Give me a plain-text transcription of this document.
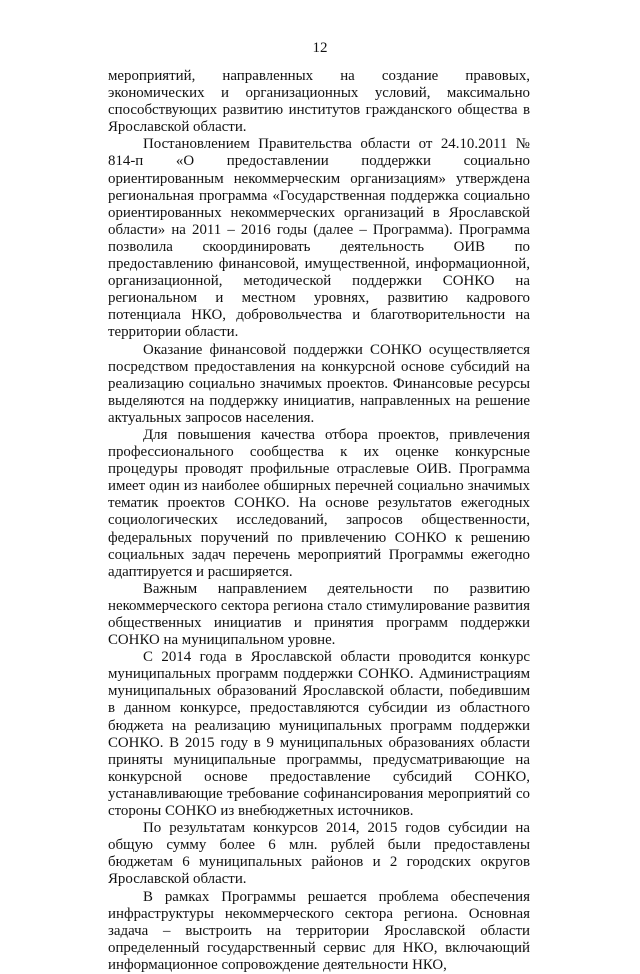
12

мероприятий, направленных на создание правовых, экономических и организационных условий, максимально способствующих развитию институтов гражданского общества в Ярославской области.

Постановлением Правительства области от 24.10.2011 № 814-п «О предоставлении поддержки социально ориентированным некоммерческим организациям» утверждена региональная программа «Государственная поддержка социально ориентированных некоммерческих организаций в Ярославской области» на 2011 – 2016 годы (далее – Программа). Программа позволила скоординировать деятельность ОИВ по предоставлению финансовой, имущественной, информационной, организационной, методической поддержки СОНКО на региональном и местном уровнях, развитию кадрового потенциала НКО, добровольчества и благотворительности на территории области.

Оказание финансовой поддержки СОНКО осуществляется посредством предоставления на конкурсной основе субсидий на реализацию социально значимых проектов. Финансовые ресурсы выделяются на поддержку инициатив, направленных на решение актуальных запросов населения.

Для повышения качества отбора проектов, привлечения профессионального сообщества к их оценке конкурсные процедуры проводят профильные отраслевые ОИВ. Программа имеет один из наиболее обширных перечней социально значимых тематик проектов СОНКО. На основе результатов ежегодных социологических исследований, запросов общественности, федеральных поручений по привлечению СОНКО к решению социальных задач перечень мероприятий Программы ежегодно адаптируется и расширяется.

Важным направлением деятельности по развитию некоммерческого сектора региона стало стимулирование развития общественных инициатив и принятия программ поддержки СОНКО на муниципальном уровне.

С 2014 года в Ярославской области проводится конкурс муниципальных программ поддержки СОНКО. Администрациям муниципальных образований Ярославской области, победившим в данном конкурсе, предоставляются субсидии из областного бюджета на реализацию муниципальных программ поддержки СОНКО. В 2015 году в 9 муниципальных образованиях области приняты муниципальные программы, предусматривающие на конкурсной основе предоставление субсидий СОНКО, устанавливающие требование софинансирования мероприятий со стороны СОНКО из внебюджетных источников.

По результатам конкурсов 2014, 2015 годов субсидии на общую сумму более 6 млн. рублей были предоставлены бюджетам 6 муниципальных районов и 2 городских округов Ярославской области.

В рамках Программы решается проблема обеспечения инфраструктуры некоммерческого сектора региона. Основная задача – выстроить на территории Ярославской области определенный государственный сервис для НКО, включающий информационное сопровождение деятельности НКО,
